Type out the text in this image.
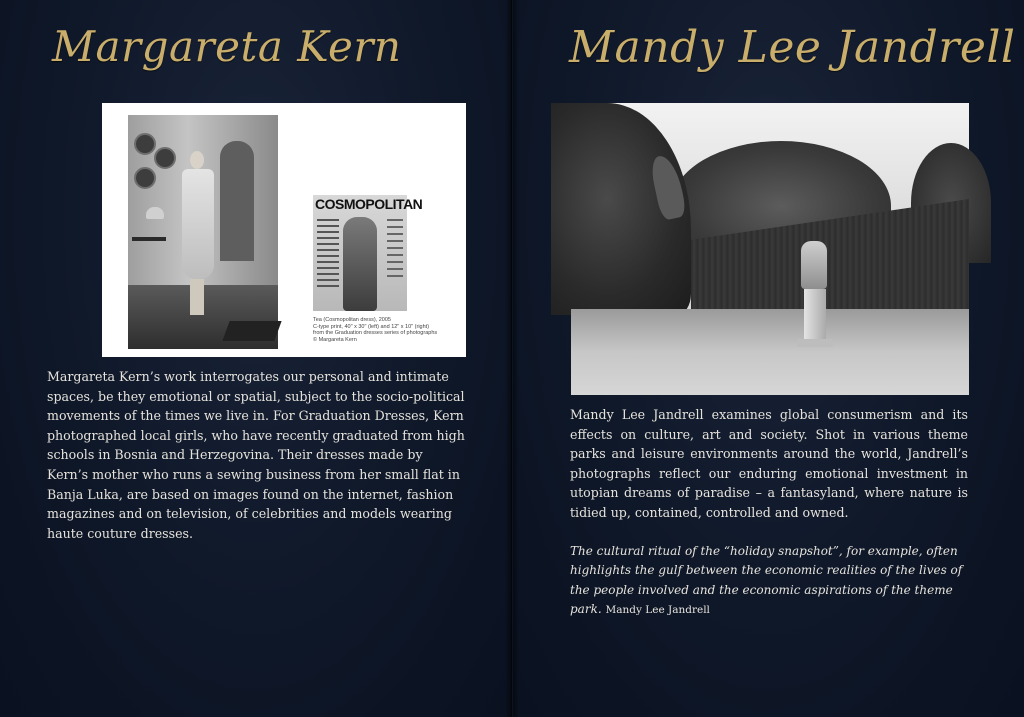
Margareta Kern
COSMOPOLITAN
Tea (Cosmopolitan dress), 2005
C-type print, 40" x 30" (left) and 12" x 10" (right)
from the Graduation dresses series of photographs
© Margareta Kern
Margareta Kern’s work interrogates our personal and intimate spaces, be they emotional or spatial, subject to the socio-political movements of the times we live in. For Graduation Dresses, Kern photographed local girls, who have recently graduated from high schools in Bosnia and Herzegovina. Their dresses made by Kern’s mother who runs a sewing business from her small flat in Banja Luka, are based on images found on the internet, fashion magazines and on television, of celebrities and models wearing haute couture dresses.
Mandy Lee Jandrell
Mandy Lee Jandrell examines global consumerism and its effects on culture, art and society. Shot in various theme parks and leisure environments around the world, Jandrell’s photographs reflect our enduring emotional investment in utopian dreams of paradise – a fantasyland, where nature is tidied up, contained, controlled and owned.
The cultural ritual of the “holiday snapshot”, for example, often highlights the gulf between the economic realities of the lives of the people involved and the economic aspirations of the theme park. Mandy Lee Jandrell
